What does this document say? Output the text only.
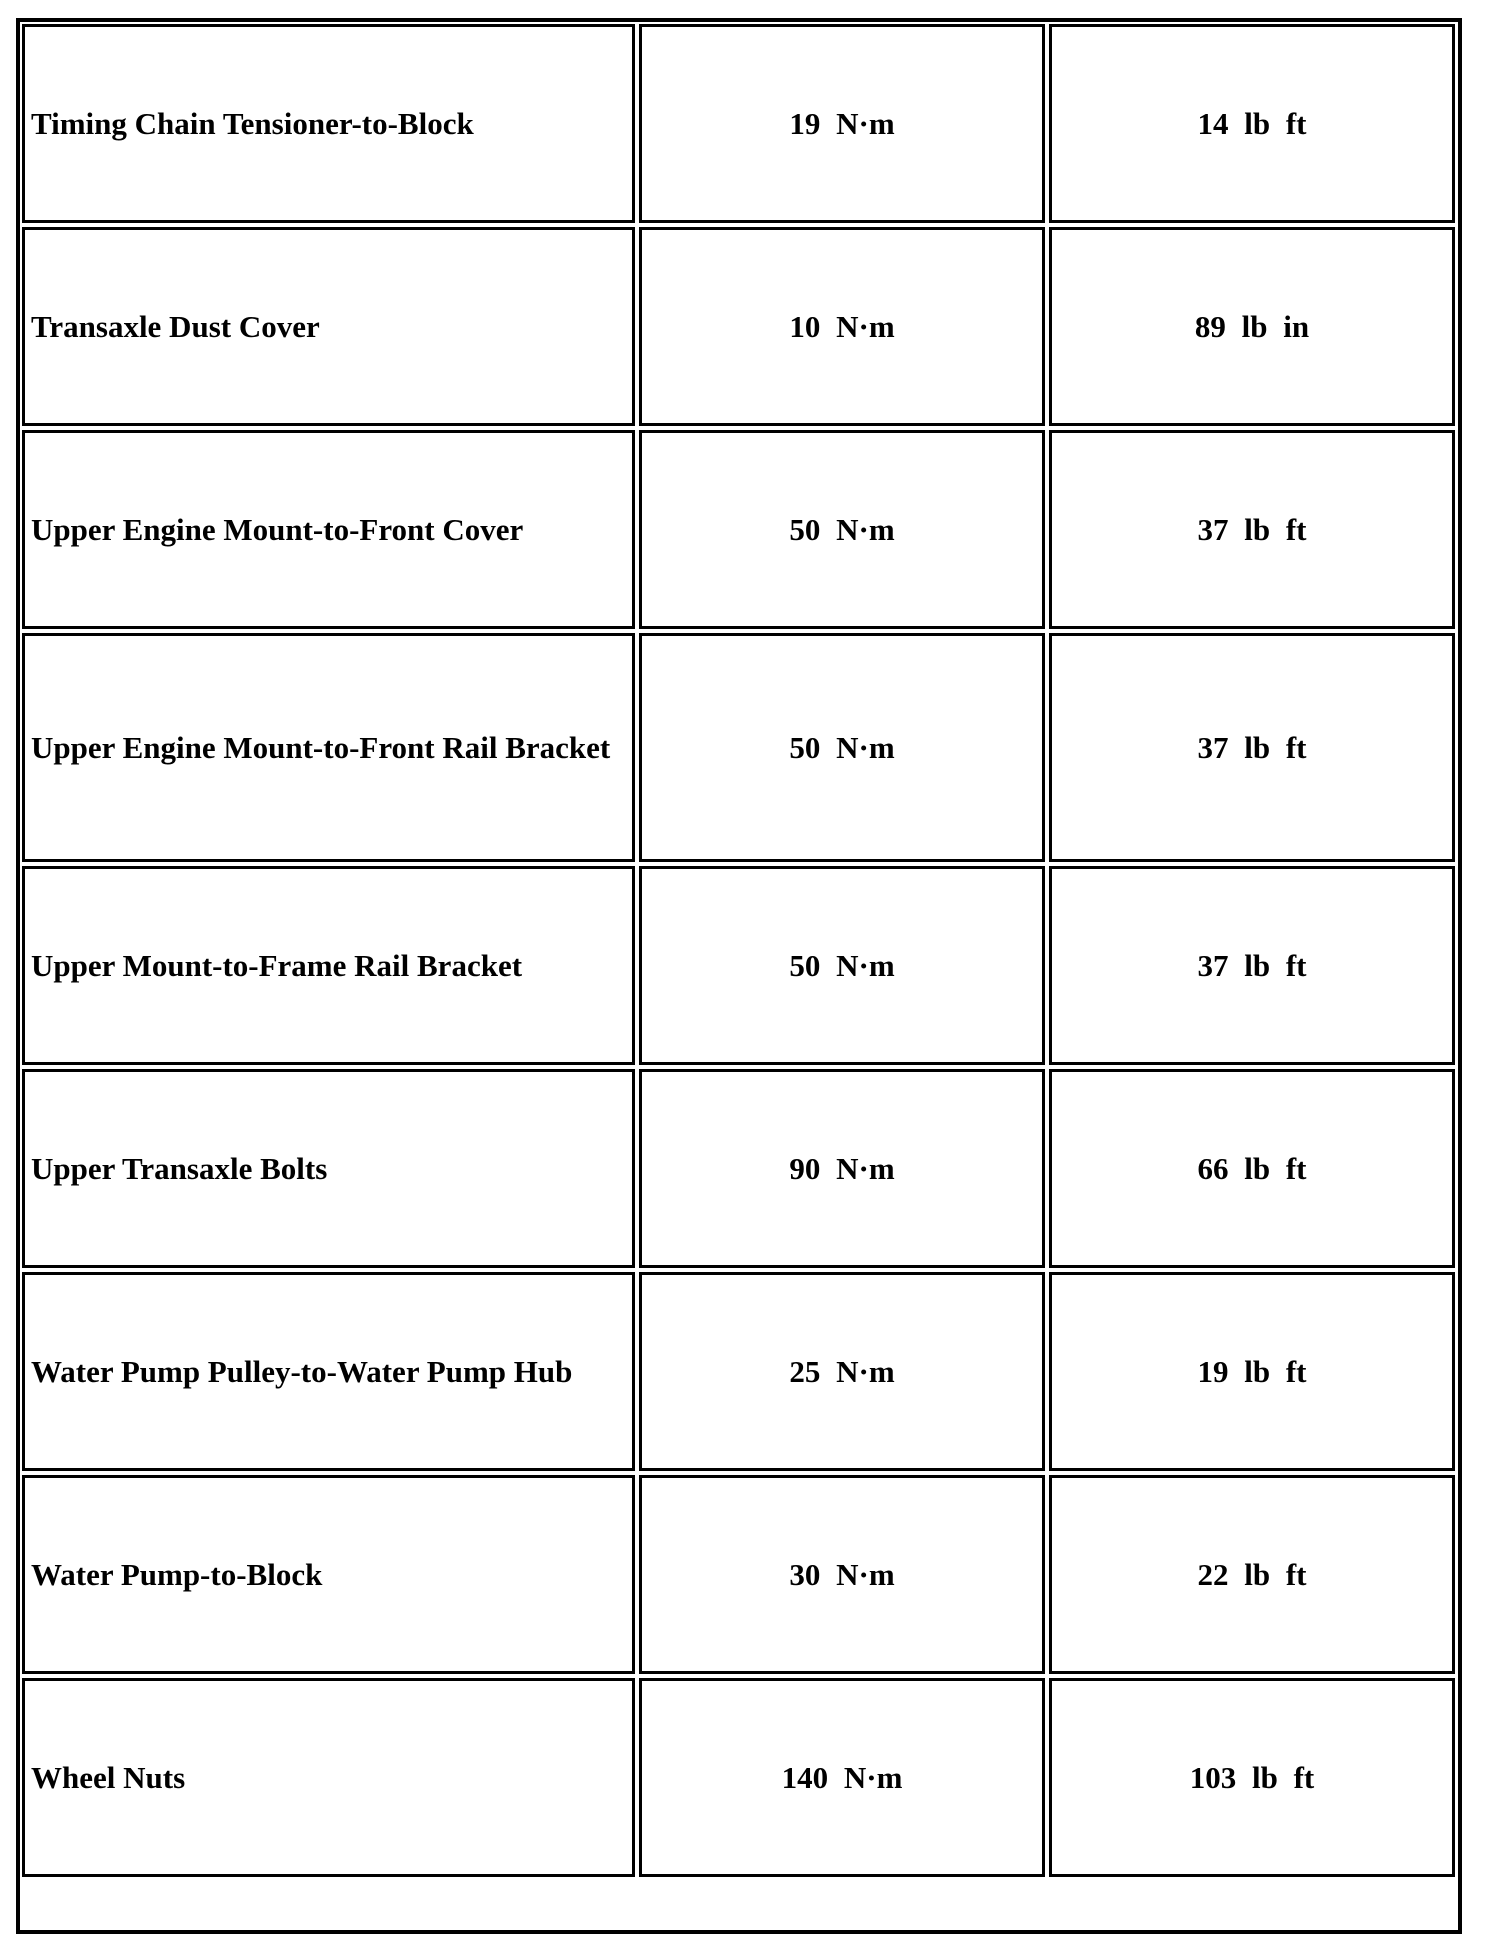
Timing Chain Tensioner-to-Block	19 N·m	14 lb ft
Transaxle Dust Cover	10 N·m	89 lb in
Upper Engine Mount-to-Front Cover	50 N·m	37 lb ft
Upper Engine Mount-to-Front Rail Bracket	50 N·m	37 lb ft
Upper Mount-to-Frame Rail Bracket	50 N·m	37 lb ft
Upper Transaxle Bolts	90 N·m	66 lb ft
Water Pump Pulley-to-Water Pump Hub	25 N·m	19 lb ft
Water Pump-to-Block	30 N·m	22 lb ft
Wheel Nuts	140 N·m	103 lb ft
